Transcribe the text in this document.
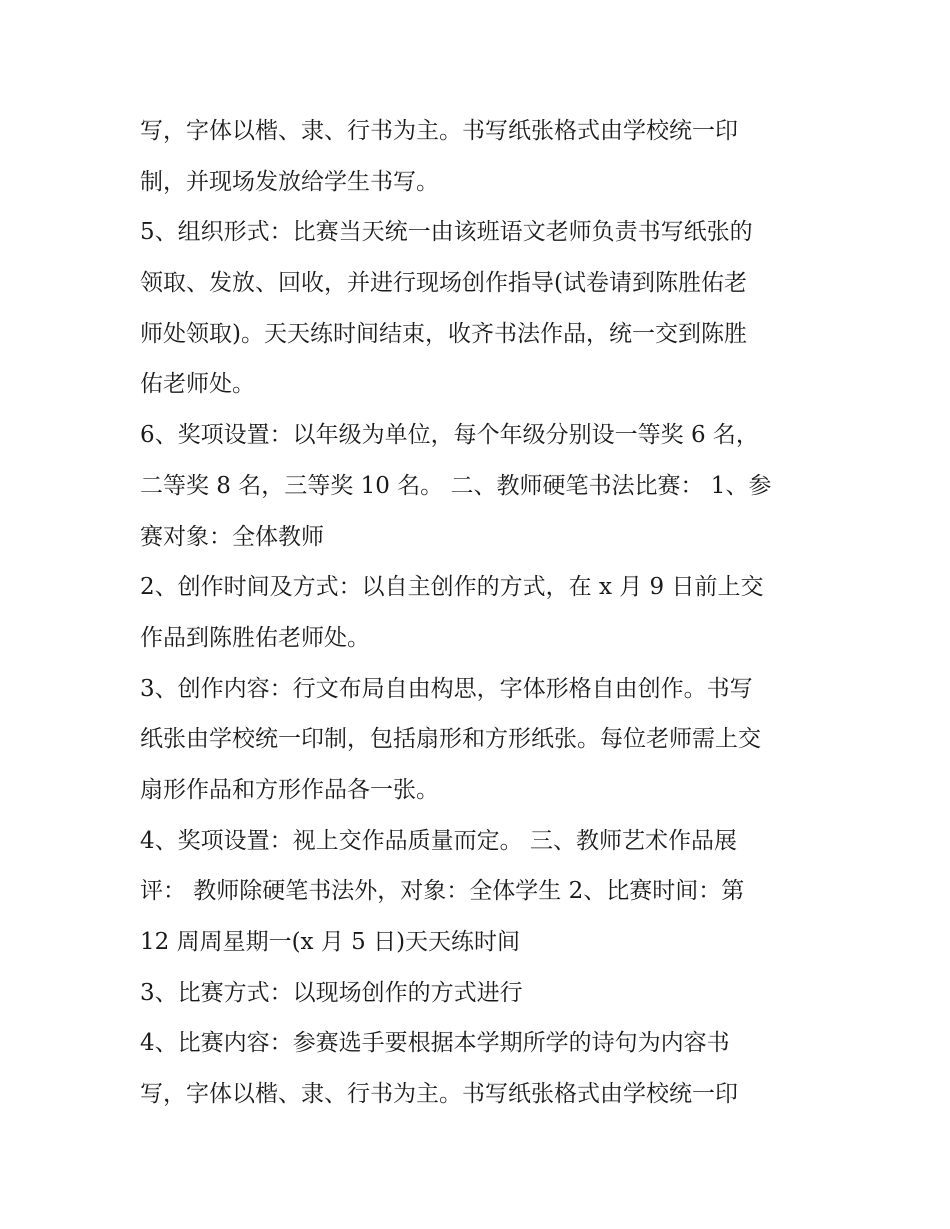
写，字体以楷、隶、行书为主。书写纸张格式由学校统一印
制，并现场发放给学生书写。
5、组织形式：比赛当天统一由该班语文老师负责书写纸张的
领取、发放、回收，并进行现场创作指导(试卷请到陈胜佑老
师处领取)。天天练时间结束，收齐书法作品，统一交到陈胜
佑老师处。
6、奖项设置：以年级为单位，每个年级分别设一等奖 6 名，
二等奖 8 名，三等奖 10 名。 二、教师硬笔书法比赛： 1、参
赛对象：全体教师
2、创作时间及方式：以自主创作的方式，在 x 月 9 日前上交
作品到陈胜佑老师处。
3、创作内容：行文布局自由构思，字体形格自由创作。书写
纸张由学校统一印制，包括扇形和方形纸张。每位老师需上交
扇形作品和方形作品各一张。
4、奖项设置：视上交作品质量而定。 三、教师艺术作品展
评： 教师除硬笔书法外，对象：全体学生 2、比赛时间：第
12 周周星期一(x 月 5 日)天天练时间
3、比赛方式：以现场创作的方式进行
4、比赛内容：参赛选手要根据本学期所学的诗句为内容书
写，字体以楷、隶、行书为主。书写纸张格式由学校统一印
